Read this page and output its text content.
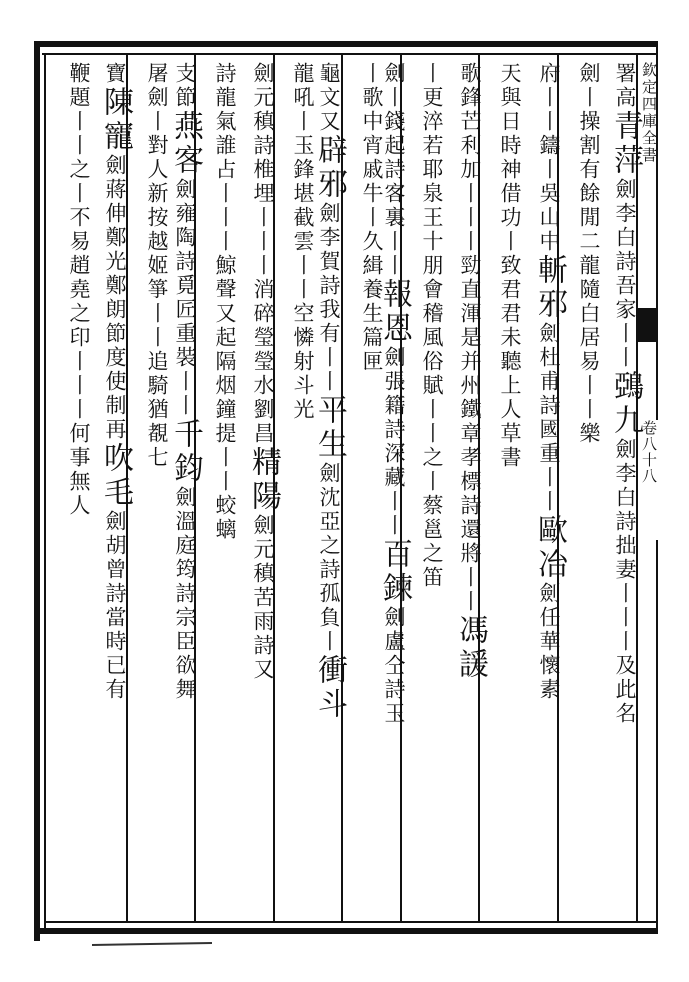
欽定四庫全書
卷八十八
署高青萍劍李白詩吾家丨丨鵶九劍李白詩拙妻丨丨丨及此名
劍丨操割有餘閒二龍隨白居易丨丨樂
府丨丨鑄丨吳山中斬邪劍杜甫詩國重丨丨歐冶劍任華懷素
天與日時神借功丨致君君未聽上人草書
歌鋒芒利加丨丨丨勁直渾是并州鐵章孝標詩還將丨丨馮諼
丨更淬若耶泉王十朋會稽風俗賦丨丨之丨蔡邕之笛
劍丨錢起詩客裏丨丨報恩劍張籍詩深藏丨丨百鍊劍盧仝詩玉
丨歌中宵戚牛丨久緝養生篇匣
龜文又辟邪劍李賀詩我有丨丨平生劍沈亞之詩孤負丨衝斗
龍吼丨玉鋒堪截雲丨丨空憐射斗光
劍元稹詩椎埋丨丨丨消碎瑩瑩水劉昌精陽劍元稹苦雨詩又
詩龍氣誰占丨丨丨鯨聲又起隔烟鐘提丨丨蛟螭
支節燕客劍雍陶詩覓匠重裝丨丨千鈞劍溫庭筠詩宗臣欲舞
屠劍丨對人新按越姬箏丨丨追騎猶覩七
寶陳寵劍蔣伸鄭光鄭朗節度使制再吹毛劍胡曾詩當時已有
鞭題丨丨之丨不易趙堯之印丨丨丨何事無人
